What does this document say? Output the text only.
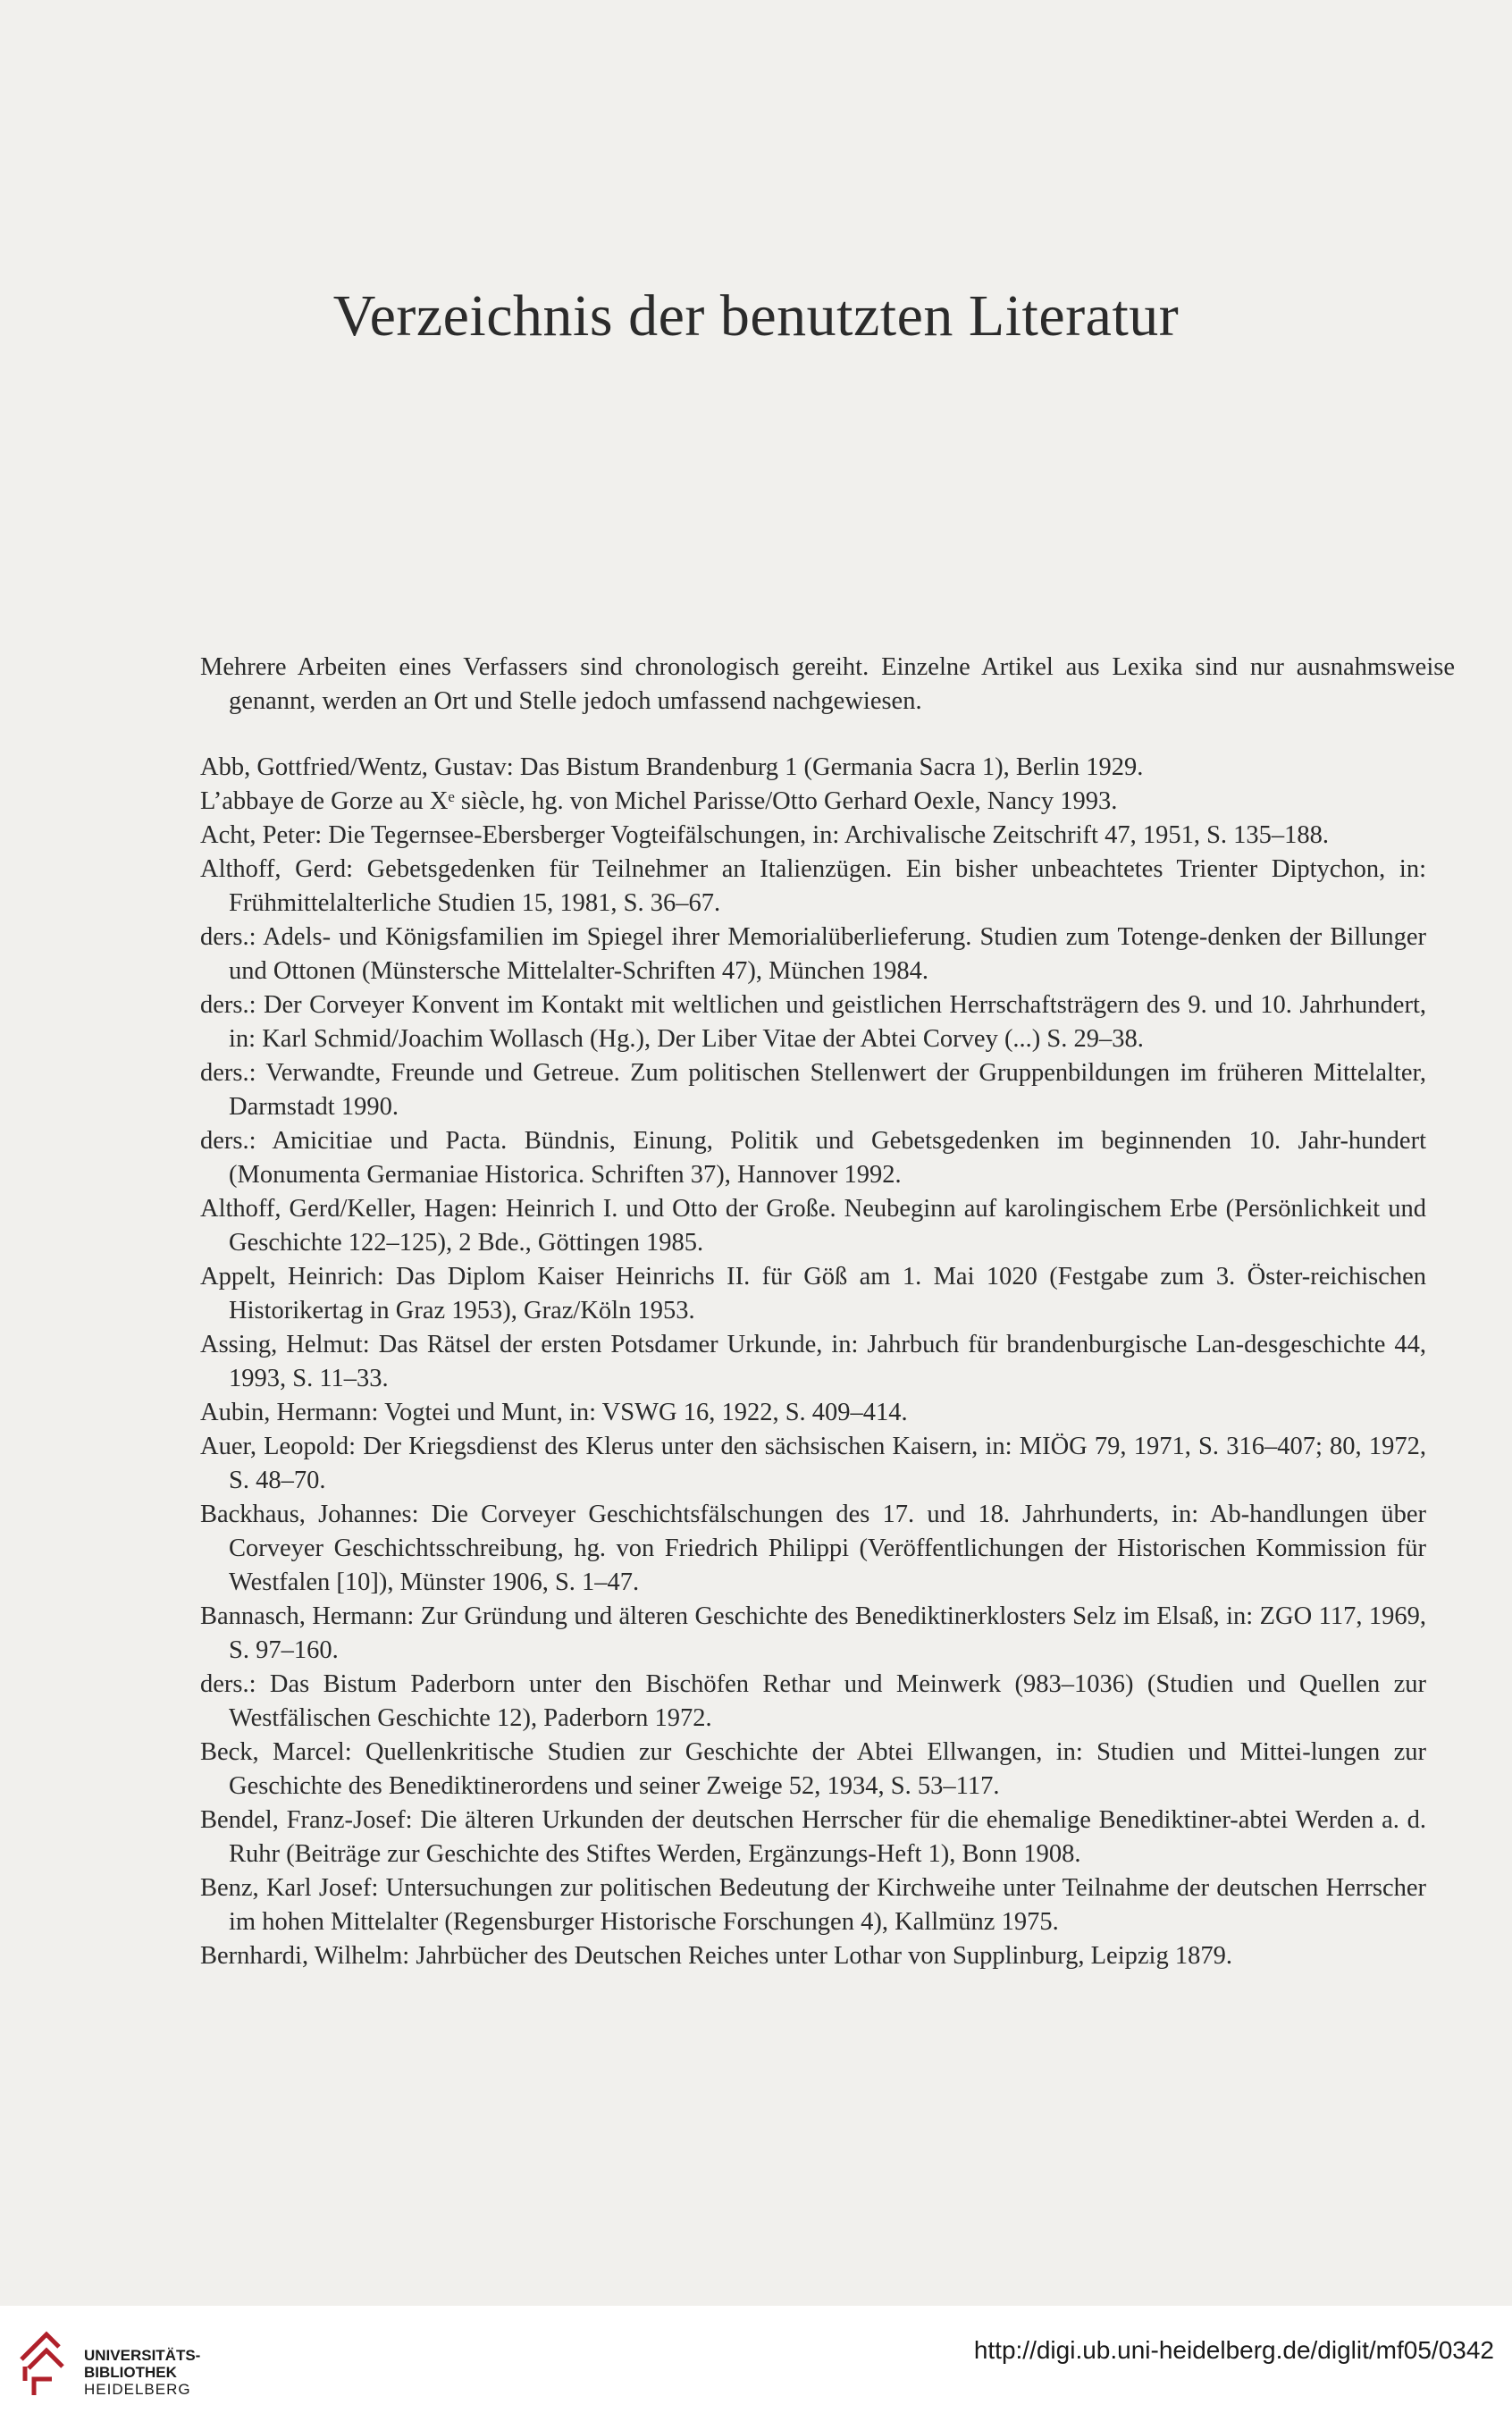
Verzeichnis der benutzten Literatur

Mehrere Arbeiten eines Verfassers sind chronologisch gereiht. Einzelne Artikel aus Lexika sind nur ausnahmsweise genannt, werden an Ort und Stelle jedoch umfassend nachgewiesen.

Abb, Gottfried/Wentz, Gustav: Das Bistum Brandenburg 1 (Germania Sacra 1), Berlin 1929.

L’abbaye de Gorze au Xᵉ siècle, hg. von Michel Parisse/Otto Gerhard Oexle, Nancy 1993.

Acht, Peter: Die Tegernsee-Ebersberger Vogteifälschungen, in: Archivalische Zeitschrift 47, 1951, S. 135–188.

Althoff, Gerd: Gebetsgedenken für Teilnehmer an Italienzügen. Ein bisher unbeachtetes Trienter Diptychon, in: Frühmittelalterliche Studien 15, 1981, S. 36–67.

ders.: Adels- und Königsfamilien im Spiegel ihrer Memorialüberlieferung. Studien zum Totenge-denken der Billunger und Ottonen (Münstersche Mittelalter-Schriften 47), München 1984.

ders.: Der Corveyer Konvent im Kontakt mit weltlichen und geistlichen Herrschaftsträgern des 9. und 10. Jahrhundert, in: Karl Schmid/Joachim Wollasch (Hg.), Der Liber Vitae der Abtei Corvey (...) S. 29–38.

ders.: Verwandte, Freunde und Getreue. Zum politischen Stellenwert der Gruppenbildungen im früheren Mittelalter, Darmstadt 1990.

ders.: Amicitiae und Pacta. Bündnis, Einung, Politik und Gebetsgedenken im beginnenden 10. Jahr-hundert (Monumenta Germaniae Historica. Schriften 37), Hannover 1992.

Althoff, Gerd/Keller, Hagen: Heinrich I. und Otto der Große. Neubeginn auf karolingischem Erbe (Persönlichkeit und Geschichte 122–125), 2 Bde., Göttingen 1985.

Appelt, Heinrich: Das Diplom Kaiser Heinrichs II. für Göß am 1. Mai 1020 (Festgabe zum 3. Öster-reichischen Historikertag in Graz 1953), Graz/Köln 1953.

Assing, Helmut: Das Rätsel der ersten Potsdamer Urkunde, in: Jahrbuch für brandenburgische Lan-desgeschichte 44, 1993, S. 11–33.

Aubin, Hermann: Vogtei und Munt, in: VSWG 16, 1922, S. 409–414.

Auer, Leopold: Der Kriegsdienst des Klerus unter den sächsischen Kaisern, in: MIÖG 79, 1971, S. 316–407; 80, 1972, S. 48–70.

Backhaus, Johannes: Die Corveyer Geschichtsfälschungen des 17. und 18. Jahrhunderts, in: Ab-handlungen über Corveyer Geschichtsschreibung, hg. von Friedrich Philippi (Veröffentlichungen der Historischen Kommission für Westfalen [10]), Münster 1906, S. 1–47.

Bannasch, Hermann: Zur Gründung und älteren Geschichte des Benediktinerklosters Selz im Elsaß, in: ZGO 117, 1969, S. 97–160.

ders.: Das Bistum Paderborn unter den Bischöfen Rethar und Meinwerk (983–1036) (Studien und Quellen zur Westfälischen Geschichte 12), Paderborn 1972.

Beck, Marcel: Quellenkritische Studien zur Geschichte der Abtei Ellwangen, in: Studien und Mittei-lungen zur Geschichte des Benediktinerordens und seiner Zweige 52, 1934, S. 53–117.

Bendel, Franz-Josef: Die älteren Urkunden der deutschen Herrscher für die ehemalige Benediktiner-abtei Werden a. d. Ruhr (Beiträge zur Geschichte des Stiftes Werden, Ergänzungs-Heft 1), Bonn 1908.

Benz, Karl Josef: Untersuchungen zur politischen Bedeutung der Kirchweihe unter Teilnahme der deutschen Herrscher im hohen Mittelalter (Regensburger Historische Forschungen 4), Kallmünz 1975.

Bernhardi, Wilhelm: Jahrbücher des Deutschen Reiches unter Lothar von Supplinburg, Leipzig 1879.

UNIVERSITÄTS-
BIBLIOTHEK
HEIDELBERG
http://digi.ub.uni-heidelberg.de/diglit/mf05/0342
